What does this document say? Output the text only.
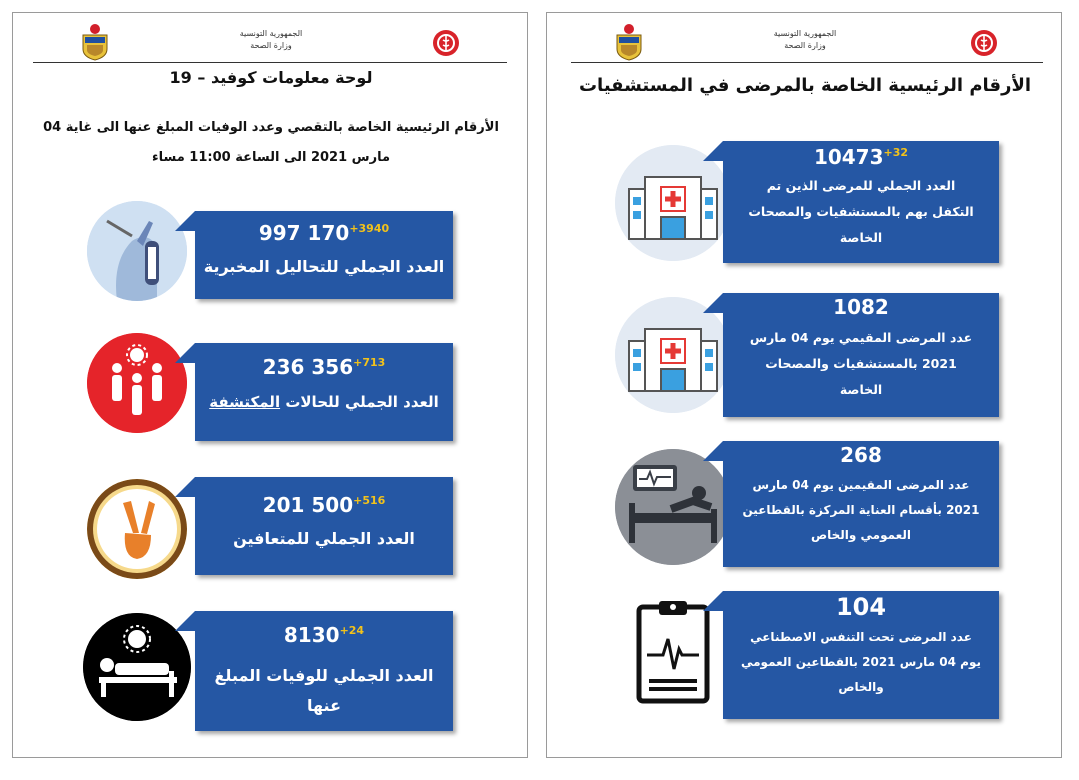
الجمهورية التونسية
وزارة الصحة
لوحة معلومات كوفيد – 19
الأرقام الرئيسية الخاصة بالتقصي وعدد الوفيات المبلغ عنها الى غاية 04
مارس 2021 الى الساعة 11:00 مساء
997 $170^{+3940}$
العدد الجملي للتحاليل المخبرية
236 $356^{+713}$
العدد الجملي للحالات المكتشفة
201 $500^{+516}$
العدد الجملي للمتعافين
$8130^{+24}$
العدد الجملي للوفيات المبلغ
عنها
الجمهورية التونسية
وزارة الصحة
الأرقام الرئيسية الخاصة بالمرضى في المستشفيات
$10473^{+32}$
العدد الجملي للمرضى الذين تم
التكفل بهم بالمستشفيات والمصحات
الخاصة
1082
عدد المرضى المقيمي يوم 04 مارس
2021 بالمستشفيات والمصحات
الخاصة
268
عدد المرضى المقيمين يوم 04 مارس
2021 بأقسام العناية المركزة بالقطاعين
العمومي والخاص
104
عدد المرضى تحت التنفس الاصطناعي
يوم 04 مارس 2021 بالقطاعين العمومي
والخاص
